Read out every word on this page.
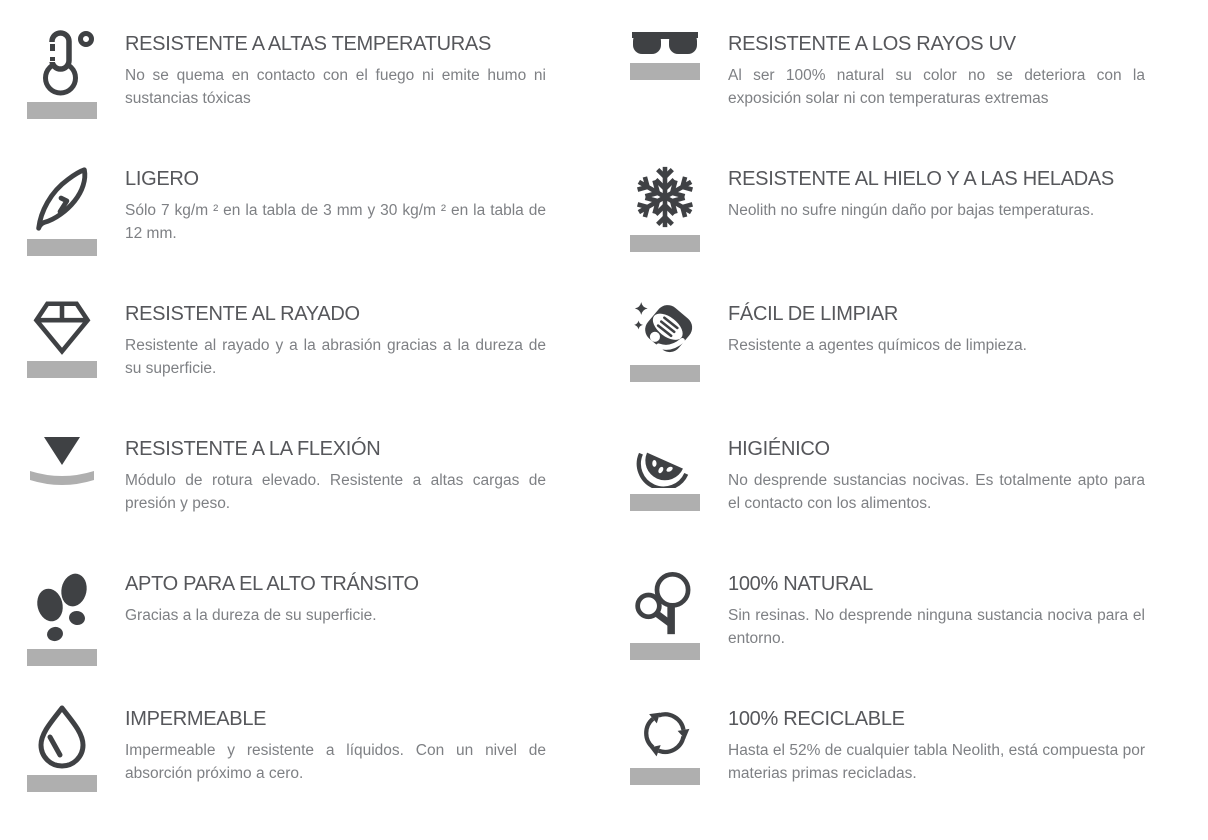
RESISTENTE A ALTAS TEMPERATURAS

No se quema en contacto con el fuego ni emite humo ni sustancias tóxicas

RESISTENTE A LOS RAYOS UV

Al ser 100% natural su color no se deteriora con la exposición solar ni con temperaturas extremas

LIGERO

Sólo 7 kg/m ² en la tabla de 3 mm y 30 kg/m ² en la tabla de 12 mm.

RESISTENTE AL HIELO Y A LAS HELADAS

Neolith no sufre ningún daño por bajas temperaturas.

RESISTENTE AL RAYADO

Resistente al rayado y a la abrasión gracias a la dureza de su superficie.

FÁCIL DE LIMPIAR

Resistente a agentes químicos de limpieza.

RESISTENTE A LA FLEXIÓN

Módulo de rotura elevado. Resistente a altas cargas de presión y peso.

HIGIÉNICO

No desprende sustancias nocivas. Es totalmente apto para el contacto con los alimentos.

APTO PARA EL ALTO TRÁNSITO

Gracias a la dureza de su superficie.

100% NATURAL

Sin resinas. No desprende ninguna sustancia nociva para el entorno.

IMPERMEABLE

Impermeable y resistente a líquidos. Con un nivel de absorción próximo a cero.

100% RECICLABLE

Hasta el 52% de cualquier tabla Neolith, está compuesta por materias primas recicladas.
